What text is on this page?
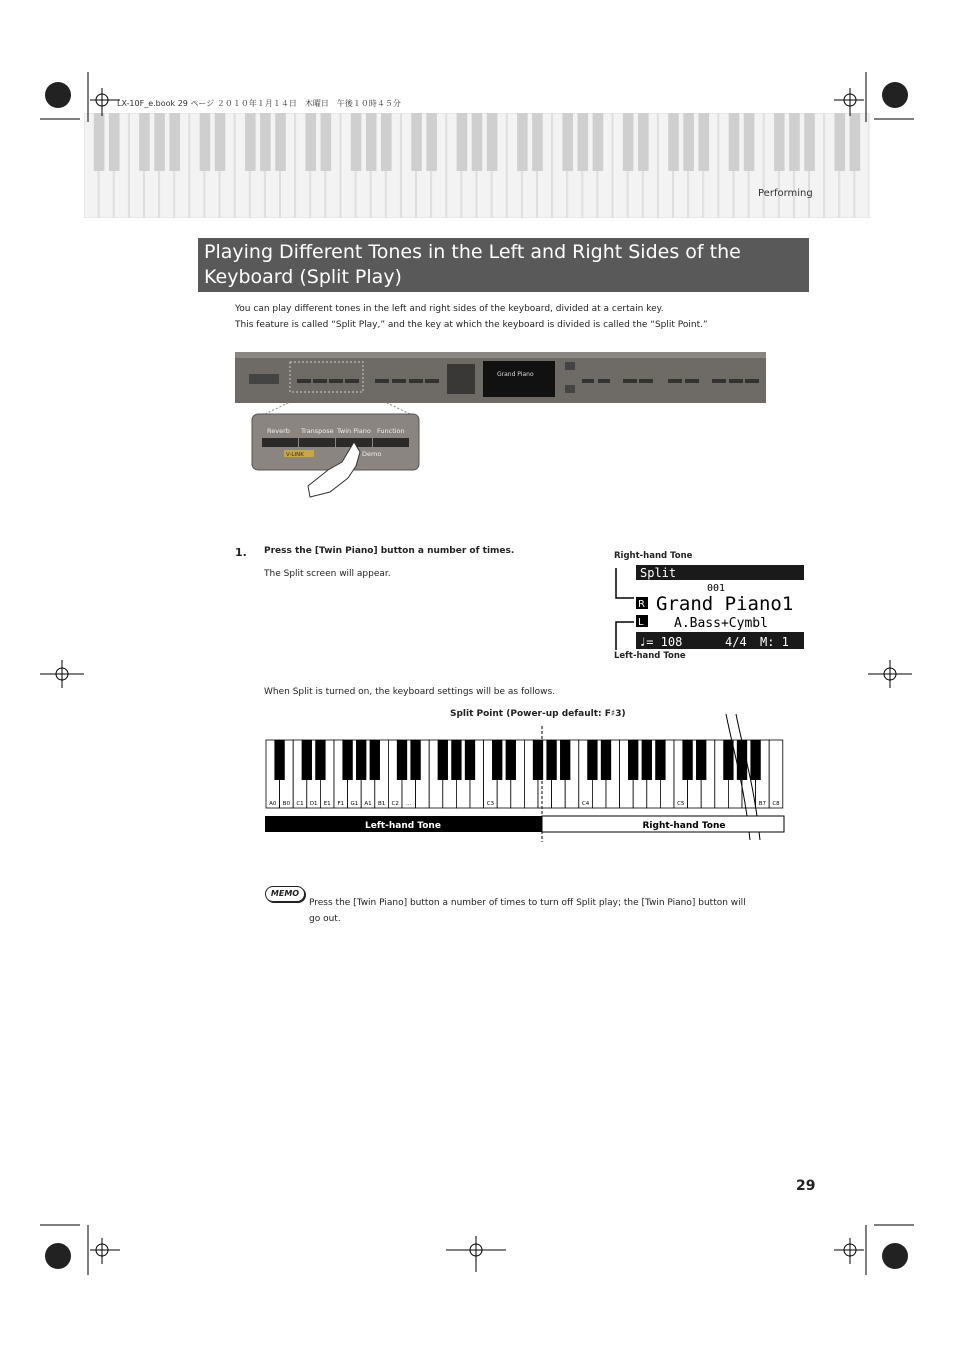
LX-10F_e.book 29 ページ ２０１０年１月１４日　木曜日　午後１０時４５分
Performing
Playing Different Tones in the Left and Right Sides of the Keyboard (Split Play)
You can play different tones in the left and right sides of the keyboard, divided at a certain key.
This feature is called “Split Play,” and the key at which the keyboard is divided is called the “Split Point.”
Grand Piano
Reverb Transpose Twin Piano Function
V-LINK	Demo
1. Press the [Twin Piano] button a number of times.
The Split screen will appear.
Right-hand Tone
Split
001
R Grand Piano1
L A.Bass+Cymbl
♩= 108	4/4 M: 1
Left-hand Tone
When Split is turned on, the keyboard settings will be as follows.
Split Point (Power-up default: F♯3)
A0 B0 C1 D1 E1 F1 G1 A1 B1 C2 …	C3	C4	C5	B7 C8
Left-hand Tone	Right-hand Tone
MEMO
Press the [Twin Piano] button a number of times to turn off Split play; the [Twin Piano] button will go out.
29
